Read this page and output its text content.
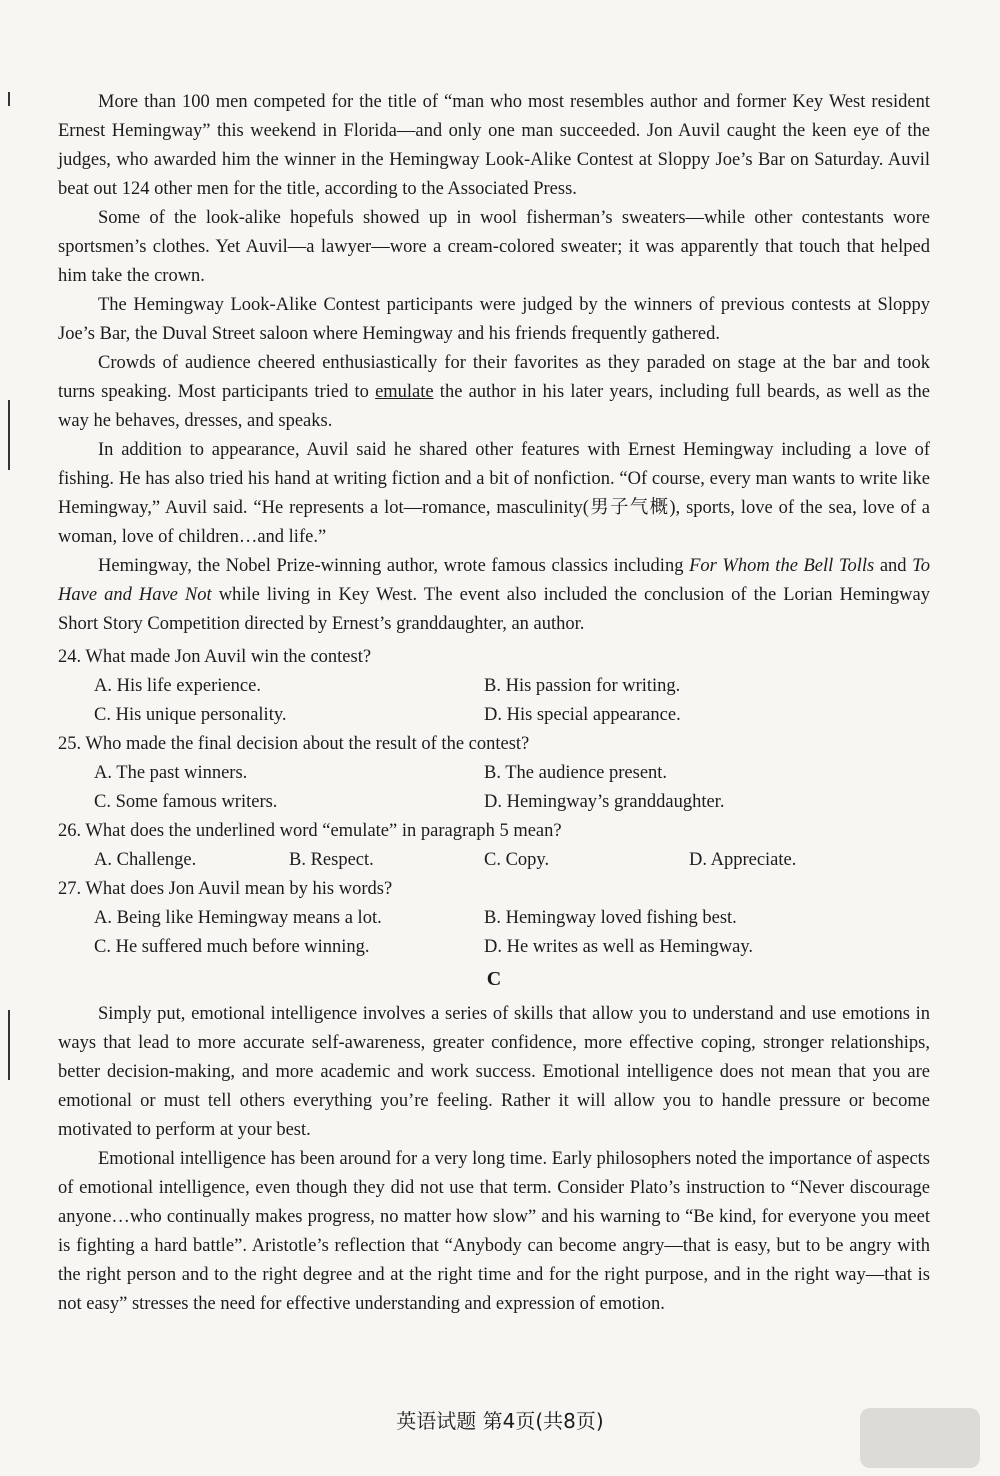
More than 100 men competed for the title of “man who most resembles author and former Key West resident Ernest Hemingway” this weekend in Florida—and only one man succeeded. Jon Auvil caught the keen eye of the judges, who awarded him the winner in the Hemingway Look-Alike Contest at Sloppy Joe’s Bar on Saturday. Auvil beat out 124 other men for the title, according to the Associated Press.

Some of the look-alike hopefuls showed up in wool fisherman’s sweaters—while other contestants wore sportsmen’s clothes. Yet Auvil—a lawyer—wore a cream-colored sweater; it was apparently that touch that helped him take the crown.

The Hemingway Look-Alike Contest participants were judged by the winners of previous contests at Sloppy Joe’s Bar, the Duval Street saloon where Hemingway and his friends frequently gathered.

Crowds of audience cheered enthusiastically for their favorites as they paraded on stage at the bar and took turns speaking. Most participants tried to emulate the author in his later years, including full beards, as well as the way he behaves, dresses, and speaks.

In addition to appearance, Auvil said he shared other features with Ernest Hemingway including a love of fishing. He has also tried his hand at writing fiction and a bit of nonfiction. “Of course, every man wants to write like Hemingway,” Auvil said. “He represents a lot—romance, masculinity(男子气概), sports, love of the sea, love of a woman, love of children…and life.”

Hemingway, the Nobel Prize-winning author, wrote famous classics including For Whom the Bell Tolls and To Have and Have Not while living in Key West. The event also included the conclusion of the Lorian Hemingway Short Story Competition directed by Ernest’s granddaughter, an author.

24. What made Jon Auvil win the contest?
A. His life experience.	B. His passion for writing.
C. His unique personality.	D. His special appearance.
25. Who made the final decision about the result of the contest?
A. The past winners.	B. The audience present.
C. Some famous writers.	D. Hemingway’s granddaughter.
26. What does the underlined word “emulate” in paragraph 5 mean?
A. Challenge.	B. Respect.	C. Copy.	D. Appreciate.
27. What does Jon Auvil mean by his words?
A. Being like Hemingway means a lot.	B. Hemingway loved fishing best.
C. He suffered much before winning.	D. He writes as well as Hemingway.
C

Simply put, emotional intelligence involves a series of skills that allow you to understand and use emotions in ways that lead to more accurate self-awareness, greater confidence, more effective coping, stronger relationships, better decision-making, and more academic and work success. Emotional intelligence does not mean that you are emotional or must tell others everything you’re feeling. Rather it will allow you to handle pressure or become motivated to perform at your best.

Emotional intelligence has been around for a very long time. Early philosophers noted the importance of aspects of emotional intelligence, even though they did not use that term. Consider Plato’s instruction to “Never discourage anyone…who continually makes progress, no matter how slow” and his warning to “Be kind, for everyone you meet is fighting a hard battle”. Aristotle’s reflection that “Anybody can become angry—that is easy, but to be angry with the right person and to the right degree and at the right time and for the right purpose, and in the right way—that is not easy” stresses the need for effective understanding and expression of emotion.

英语试题 第4页(共8页)
